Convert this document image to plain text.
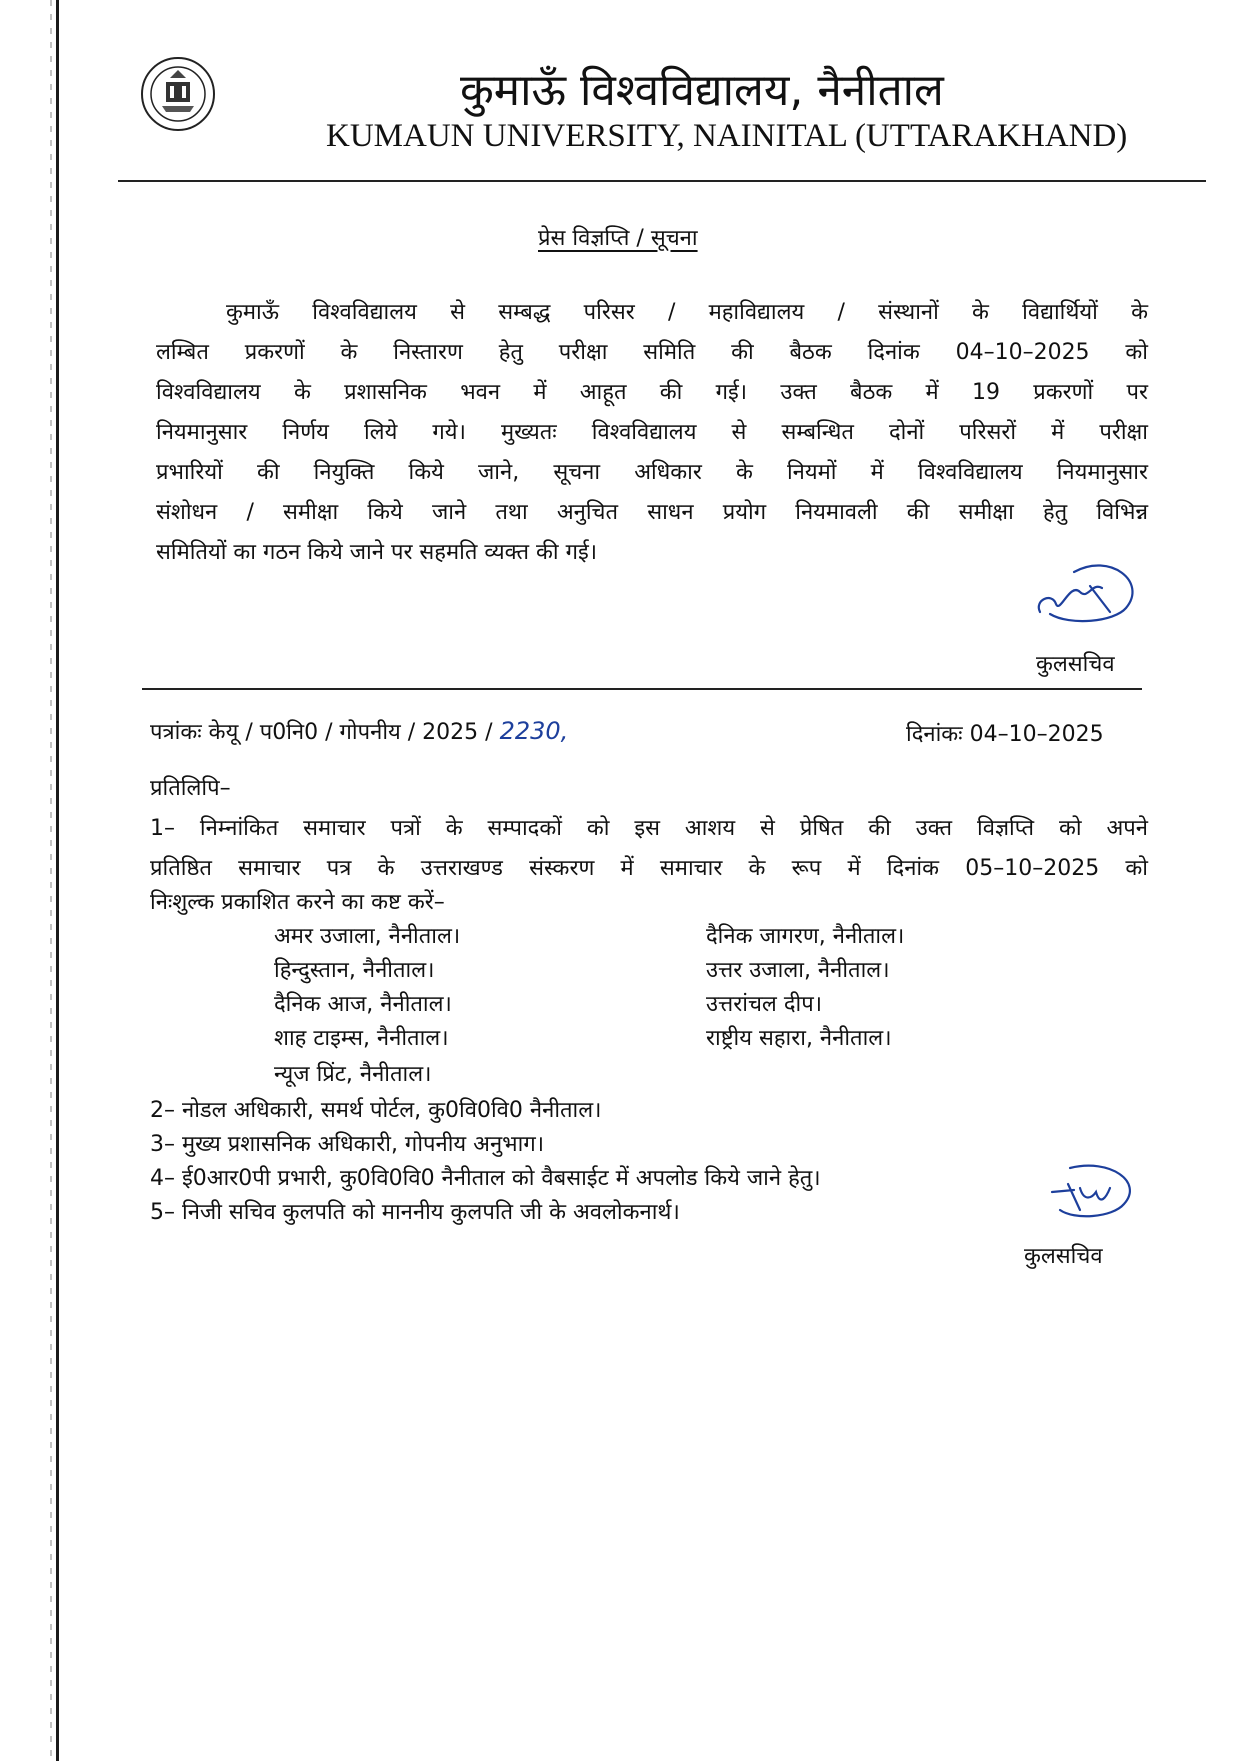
कुमाऊँ विश्वविद्यालय, नैनीताल
KUMAUN UNIVERSITY, NAINITAL (UTTARAKHAND)
प्रेस विज्ञप्ति / सूचना
कुमाऊँ विश्वविद्यालय से सम्बद्ध परिसर / महाविद्यालय / संस्थानों के विद्यार्थियों के
लम्बित प्रकरणों के निस्तारण हेतु परीक्षा समिति की बैठक दिनांक 04–10–2025 को
विश्वविद्यालय के प्रशासनिक भवन में आहूत की गई। उक्त बैठक में 19 प्रकरणों पर
नियमानुसार निर्णय लिये गये। मुख्यतः विश्वविद्यालय से सम्बन्धित दोनों परिसरों में परीक्षा
प्रभारियों की नियुक्ति किये जाने, सूचना अधिकार के नियमों में विश्वविद्यालय नियमानुसार
संशोधन / समीक्षा किये जाने तथा अनुचित साधन प्रयोग नियमावली की समीक्षा हेतु विभिन्न
समितियों का गठन किये जाने पर सहमति व्यक्त की गई।
कुलसचिव
पत्रांकः केयू / प0नि0 / गोपनीय / 2025 / 2230,	दिनांकः 04–10–2025
प्रतिलिपि–
1– निम्नांकित समाचार पत्रों के सम्पादकों को इस आशय से प्रेषित की उक्त विज्ञप्ति को अपने
प्रतिष्ठित समाचार पत्र के उत्तराखण्ड संस्करण में समाचार के रूप में दिनांक 05–10–2025 को
निःशुल्क प्रकाशित करने का कष्ट करें–
अमर उजाला, नैनीताल।
हिन्दुस्तान, नैनीताल।
दैनिक आज, नैनीताल।
शाह टाइम्स, नैनीताल।
न्यूज प्रिंट, नैनीताल।
दैनिक जागरण, नैनीताल।
उत्तर उजाला, नैनीताल।
उत्तरांचल दीप।
राष्ट्रीय सहारा, नैनीताल।
2– नोडल अधिकारी, समर्थ पोर्टल, कु0वि0वि0 नैनीताल।
3– मुख्य प्रशासनिक अधिकारी, गोपनीय अनुभाग।
4– ई0आर0पी प्रभारी, कु0वि0वि0 नैनीताल को वैबसाईट में अपलोड किये जाने हेतु।
5– निजी सचिव कुलपति को माननीय कुलपति जी के अवलोकनार्थ।
कुलसचिव
